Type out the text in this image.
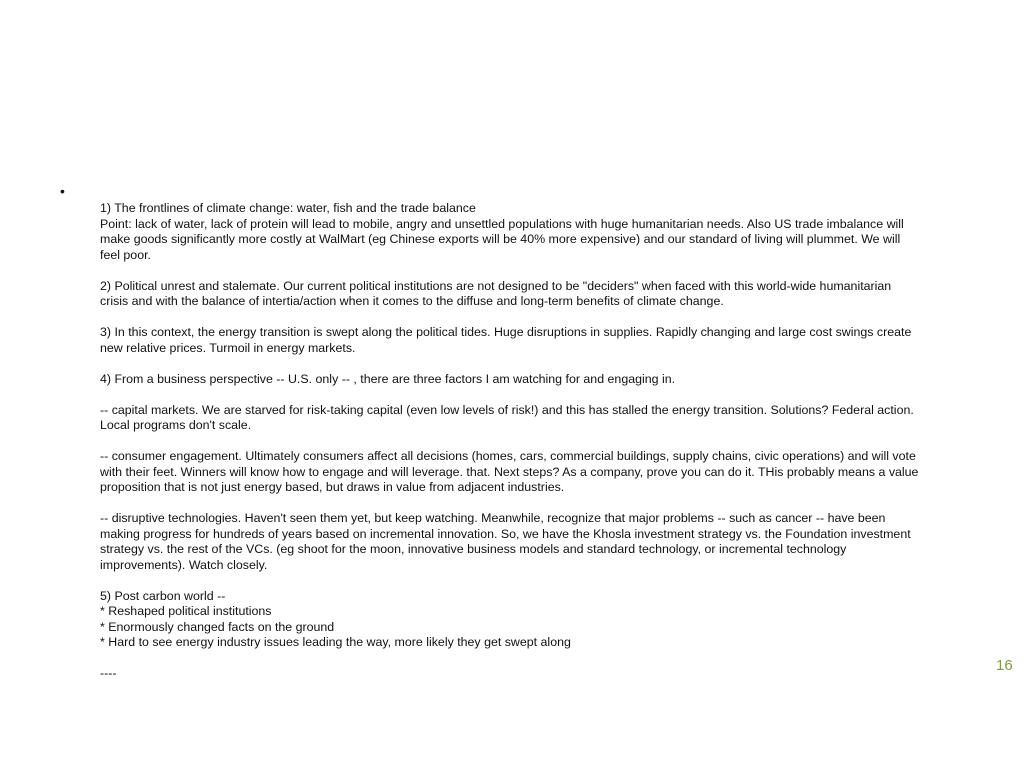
•
1) The frontlines of climate change: water, fish and the trade balance
Point: lack of water, lack of protein will lead to mobile, angry and unsettled populations with huge humanitarian needs. Also US trade imbalance will
make goods significantly more costly at WalMart (eg Chinese exports will be 40% more expensive) and our standard of living will plummet. We will
feel poor.
2) Political unrest and stalemate. Our current political institutions are not designed to be "deciders" when faced with this world-wide humanitarian
crisis and with the balance of intertia/action when it comes to the diffuse and long-term benefits of climate change.
3) In this context, the energy transition is swept along the political tides. Huge disruptions in supplies. Rapidly changing and large cost swings create
new relative prices. Turmoil in energy markets.
4) From a business perspective -- U.S. only -- , there are three factors I am watching for and engaging in.
-- capital markets. We are starved for risk-taking capital (even low levels of risk!) and this has stalled the energy transition. Solutions? Federal action.
Local programs don't scale.
-- consumer engagement. Ultimately consumers affect all decisions (homes, cars, commercial buildings, supply chains, civic operations) and will vote
with their feet. Winners will know how to engage and will leverage. that. Next steps? As a company, prove you can do it. THis probably means a value
proposition that is not just energy based, but draws in value from adjacent industries.
-- disruptive technologies. Haven't seen them yet, but keep watching. Meanwhile, recognize that major problems -- such as cancer -- have been
making progress for hundreds of years based on incremental innovation. So, we have the Khosla investment strategy vs. the Foundation investment
strategy vs. the rest of the VCs. (eg shoot for the moon, innovative business models and standard technology, or incremental technology
improvements). Watch closely.
5) Post carbon world --
* Reshaped political institutions
* Enormously changed facts on the ground
* Hard to see energy industry issues leading the way, more likely they get swept along
----	16
